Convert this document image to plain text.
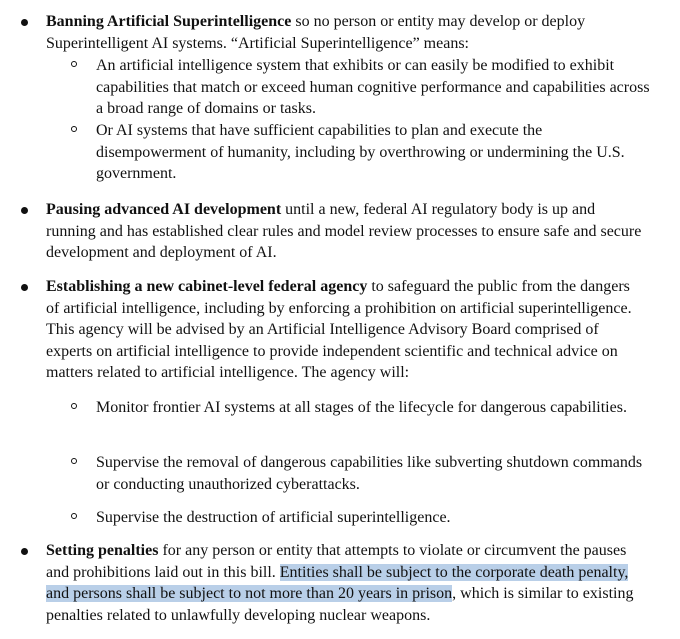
Banning Artificial Superintelligence so no person or entity may develop or deploy Superintelligent AI systems. “Artificial Superintelligence” means:

An artificial intelligence system that exhibits or can easily be modified to exhibit capabilities that match or exceed human cognitive performance and capabilities across a broad range of domains or tasks.

Or AI systems that have sufficient capabilities to plan and execute the disempowerment of humanity, including by overthrowing or undermining the U.S. government.

Pausing advanced AI development until a new, federal AI regulatory body is up and running and has established clear rules and model review processes to ensure safe and secure development and deployment of AI.

Establishing a new cabinet-level federal agency to safeguard the public from the dangers of artificial intelligence, including by enforcing a prohibition on artificial superintelligence. This agency will be advised by an Artificial Intelligence Advisory Board comprised of experts on artificial intelligence to provide independent scientific and technical advice on matters related to artificial intelligence. The agency will:

Monitor frontier AI systems at all stages of the lifecycle for dangerous capabilities.

Supervise the removal of dangerous capabilities like subverting shutdown commands or conducting unauthorized cyberattacks.

Supervise the destruction of artificial superintelligence.

Setting penalties for any person or entity that attempts to violate or circumvent the pauses and prohibitions laid out in this bill. Entities shall be subject to the corporate death penalty, and persons shall be subject to not more than 20 years in prison, which is similar to existing penalties related to unlawfully developing nuclear weapons.
